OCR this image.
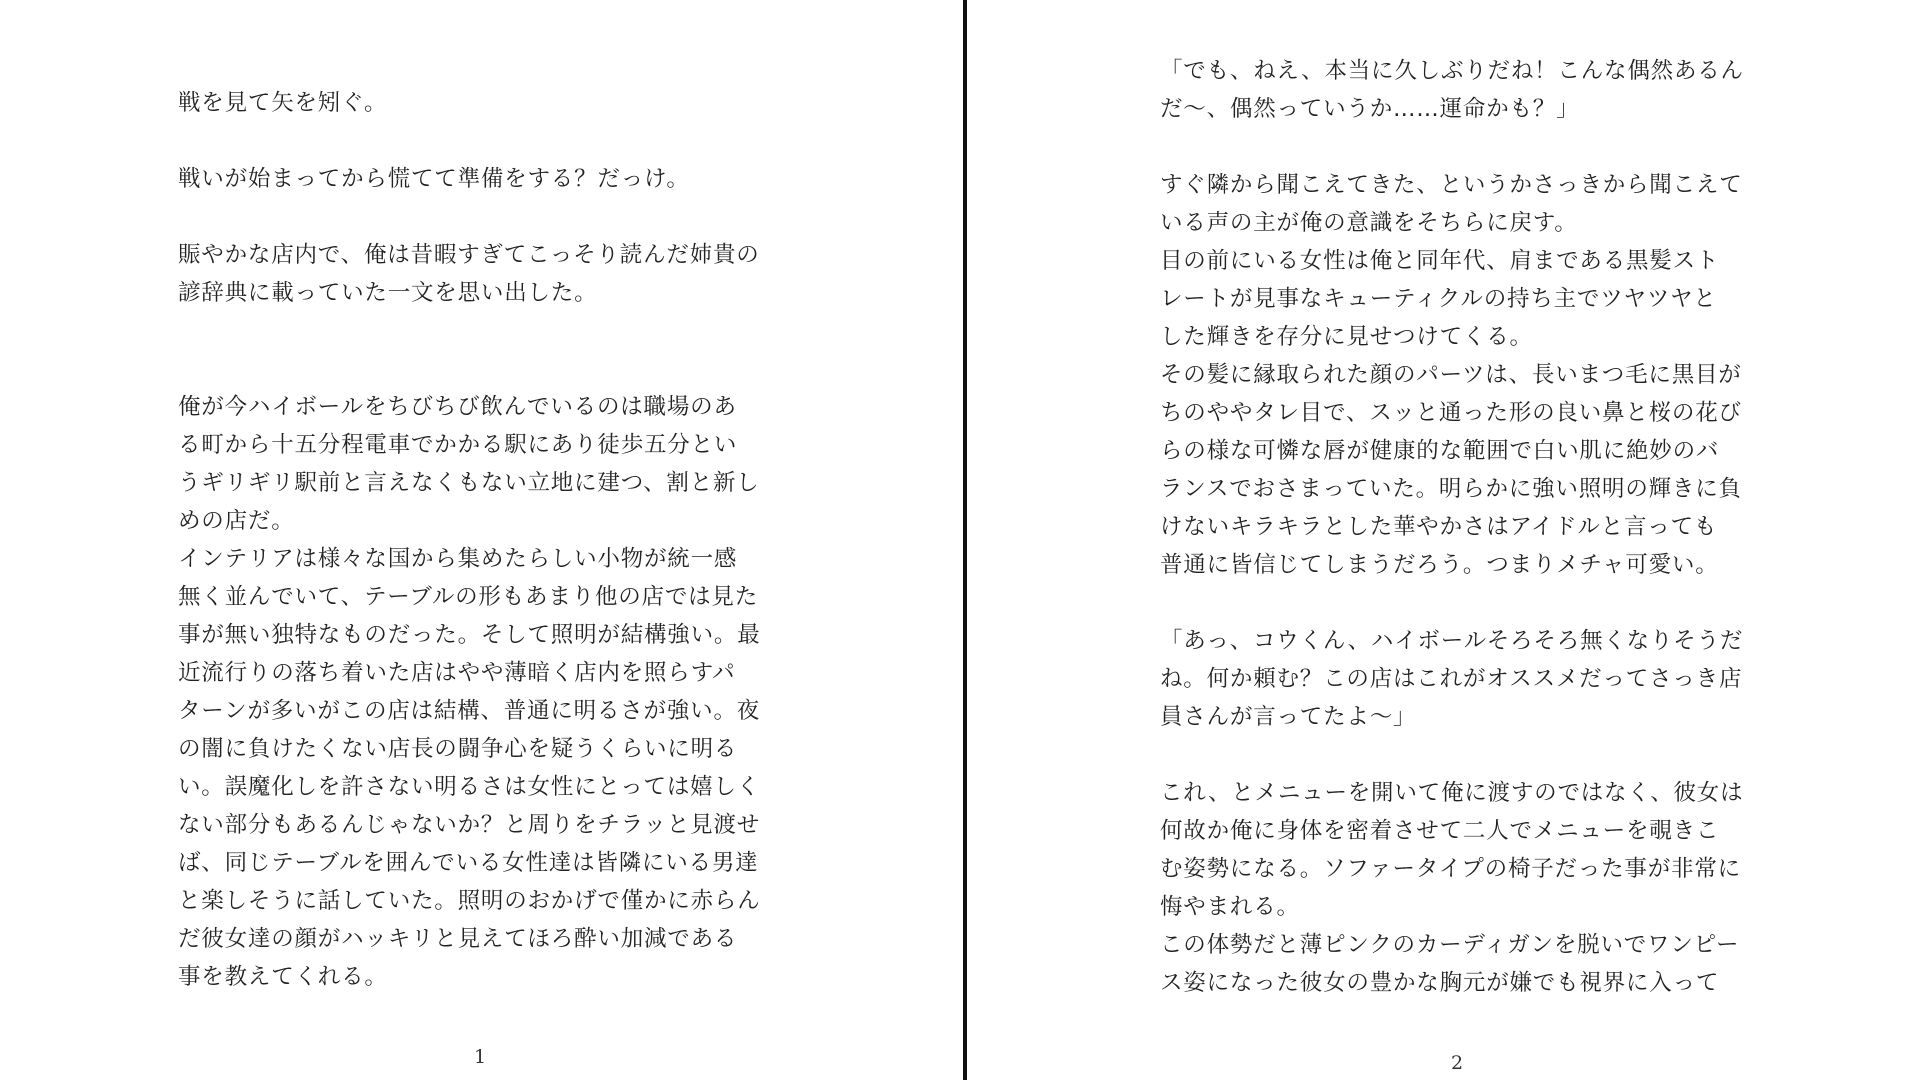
戦を見て矢を矧ぐ。
戦いが始まってから慌てて準備をする？だっけ。
賑やかな店内で、俺は昔暇すぎてこっそり読んだ姉貴の
諺辞典に載っていた一文を思い出した。
俺が今ハイボールをちびちび飲んでいるのは職場のあ
る町から十五分程電車でかかる駅にあり徒歩五分とい
うギリギリ駅前と言えなくもない立地に建つ、割と新し
めの店だ。
インテリアは様々な国から集めたらしい小物が統一感
無く並んでいて、テーブルの形もあまり他の店では見た
事が無い独特なものだった。そして照明が結構強い。最
近流行りの落ち着いた店はやや薄暗く店内を照らすパ
ターンが多いがこの店は結構、普通に明るさが強い。夜
の闇に負けたくない店長の闘争心を疑うくらいに明る
い。誤魔化しを許さない明るさは女性にとっては嬉しく
ない部分もあるんじゃないか？と周りをチラッと見渡せ
ば、同じテーブルを囲んでいる女性達は皆隣にいる男達
と楽しそうに話していた。照明のおかげで僅かに赤らん
だ彼女達の顔がハッキリと見えてほろ酔い加減である
事を教えてくれる。
「でも、ねえ、本当に久しぶりだね！こんな偶然あるん
だ〜、偶然っていうか……運命かも？」
すぐ隣から聞こえてきた、というかさっきから聞こえて
いる声の主が俺の意識をそちらに戻す。
目の前にいる女性は俺と同年代、肩まである黒髪スト
レートが見事なキューティクルの持ち主でツヤツヤと
した輝きを存分に見せつけてくる。
その髪に縁取られた顔のパーツは、長いまつ毛に黒目が
ちのややタレ目で、スッと通った形の良い鼻と桜の花び
らの様な可憐な唇が健康的な範囲で白い肌に絶妙のバ
ランスでおさまっていた。明らかに強い照明の輝きに負
けないキラキラとした華やかさはアイドルと言っても
普通に皆信じてしまうだろう。つまりメチャ可愛い。
「あっ、コウくん、ハイボールそろそろ無くなりそうだ
ね。何か頼む？この店はこれがオススメだってさっき店
員さんが言ってたよ〜」
これ、とメニューを開いて俺に渡すのではなく、彼女は
何故か俺に身体を密着させて二人でメニューを覗きこ
む姿勢になる。ソファータイプの椅子だった事が非常に
悔やまれる。
この体勢だと薄ピンクのカーディガンを脱いでワンピー
ス姿になった彼女の豊かな胸元が嫌でも視界に入って
1	2
